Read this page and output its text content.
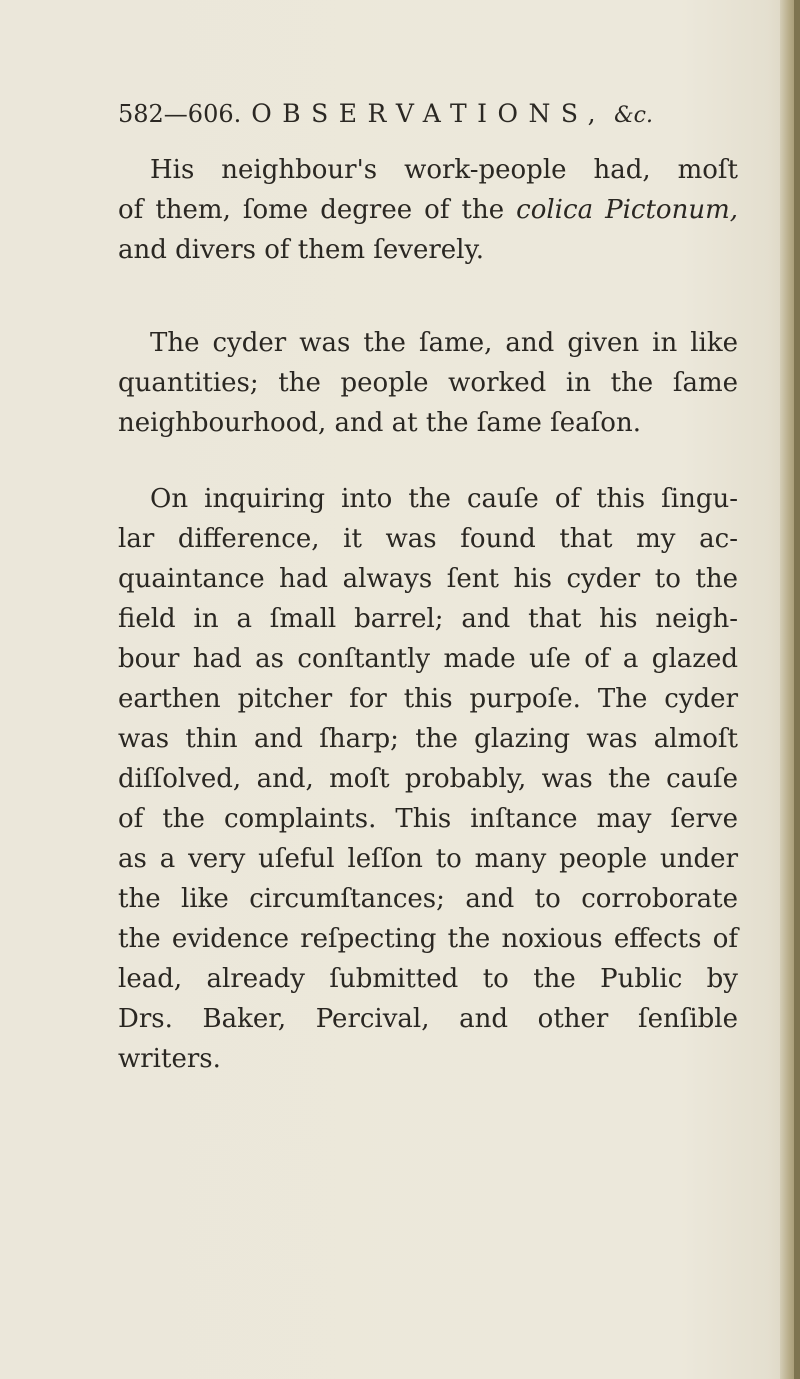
582—606. OBSERVATIONS, &c.
His neighbour's work-people had, moſt
of them, ſome degree of the colica Pictonum,
and divers of them ſeverely.
The cyder was the ſame, and given in like
quantities; the people worked in the ſame
neighbourhood, and at the ſame ſeaſon.
On inquiring into the cauſe of this ſingu-
lar difference, it was found that my ac-
quaintance had always ſent his cyder to the
field in a ſmall barrel; and that his neigh-
bour had as conſtantly made uſe of a glazed
earthen pitcher for this purpoſe. The cyder
was thin and ſharp; the glazing was almoſt
diſſolved, and, moſt probably, was the cauſe
of the complaints. This inſtance may ſerve
as a very uſeful leſſon to many people under
the like circumſtances; and to corroborate
the evidence reſpecting the noxious effects of
lead, already ſubmitted to the Public by
Drs. Baker, Percival, and other ſenſible
writers.
